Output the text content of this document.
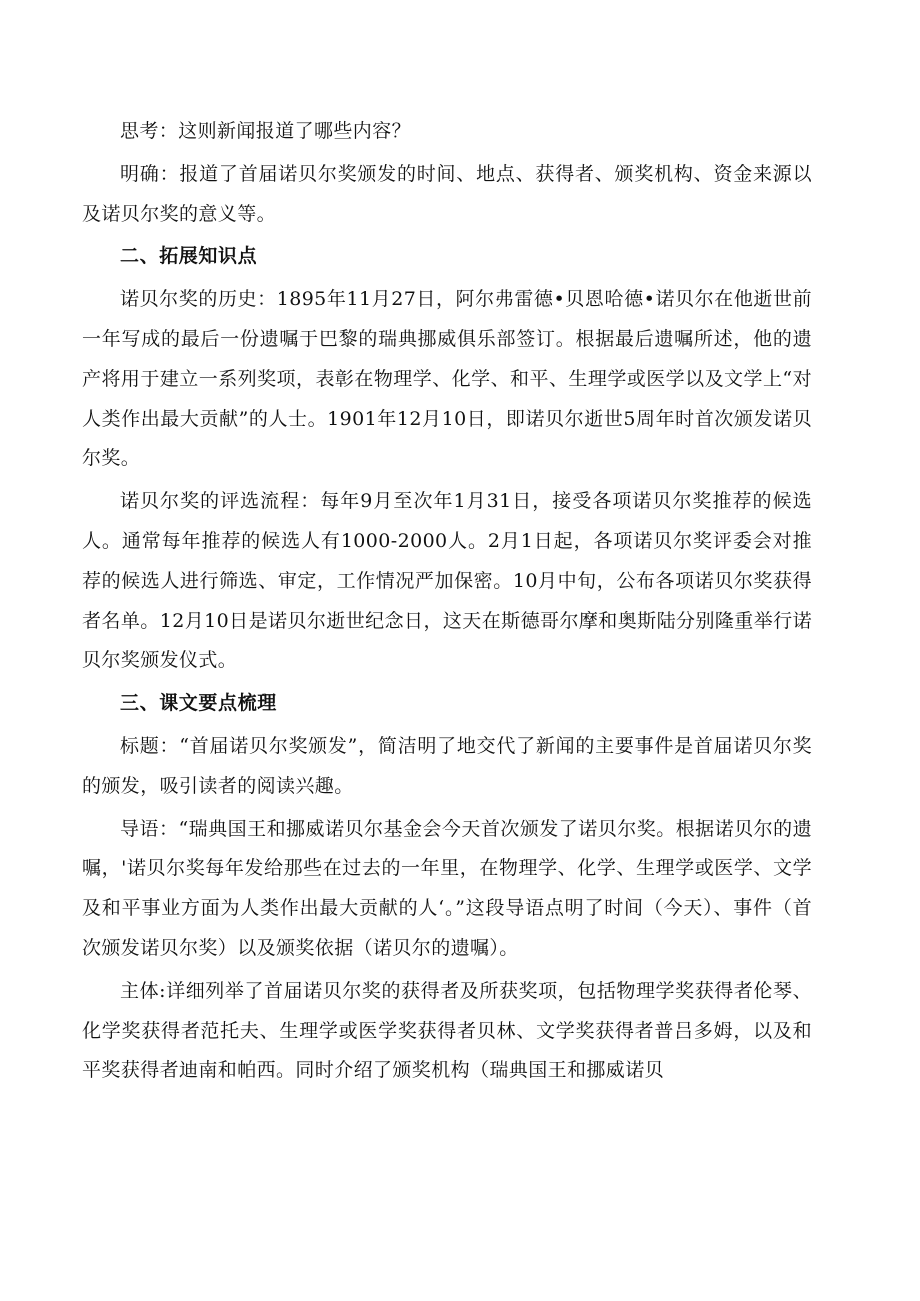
思考：这则新闻报道了哪些内容？

明确：报道了首届诺贝尔奖颁发的时间、地点、获得者、颁奖机构、资金来源以及诺贝尔奖的意义等。

二、拓展知识点

诺贝尔奖的历史：1895年11月27日，阿尔弗雷德•贝恩哈德•诺贝尔在他逝世前一年写成的最后一份遗嘱于巴黎的瑞典挪威俱乐部签订。根据最后遗嘱所述，他的遗产将用于建立一系列奖项，表彰在物理学、化学、和平、生理学或医学以及文学上“对人类作出最大贡献”的人士。1901年12月10日，即诺贝尔逝世5周年时首次颁发诺贝尔奖。

诺贝尔奖的评选流程：每年9月至次年1月31日，接受各项诺贝尔奖推荐的候选人。通常每年推荐的候选人有1000-2000人。2月1日起，各项诺贝尔奖评委会对推荐的候选人进行筛选、审定，工作情况严加保密。10月中旬，公布各项诺贝尔奖获得者名单。12月10日是诺贝尔逝世纪念日，这天在斯德哥尔摩和奥斯陆分别隆重举行诺贝尔奖颁发仪式。

三、课文要点梳理

标题：“首届诺贝尔奖颁发”，简洁明了地交代了新闻的主要事件是首届诺贝尔奖的颁发，吸引读者的阅读兴趣。

导语：“瑞典国王和挪威诺贝尔基金会今天首次颁发了诺贝尔奖。根据诺贝尔的遗嘱，'诺贝尔奖每年发给那些在过去的一年里，在物理学、化学、生理学或医学、文学及和平事业方面为人类作出最大贡献的人‘。”这段导语点明了时间（今天）、事件（首次颁发诺贝尔奖）以及颁奖依据（诺贝尔的遗嘱）。

主体:详细列举了首届诺贝尔奖的获得者及所获奖项，包括物理学奖获得者伦琴、化学奖获得者范托夫、生理学或医学奖获得者贝林、文学奖获得者普吕多姆，以及和平奖获得者迪南和帕西。同时介绍了颁奖机构（瑞典国王和挪威诺贝
